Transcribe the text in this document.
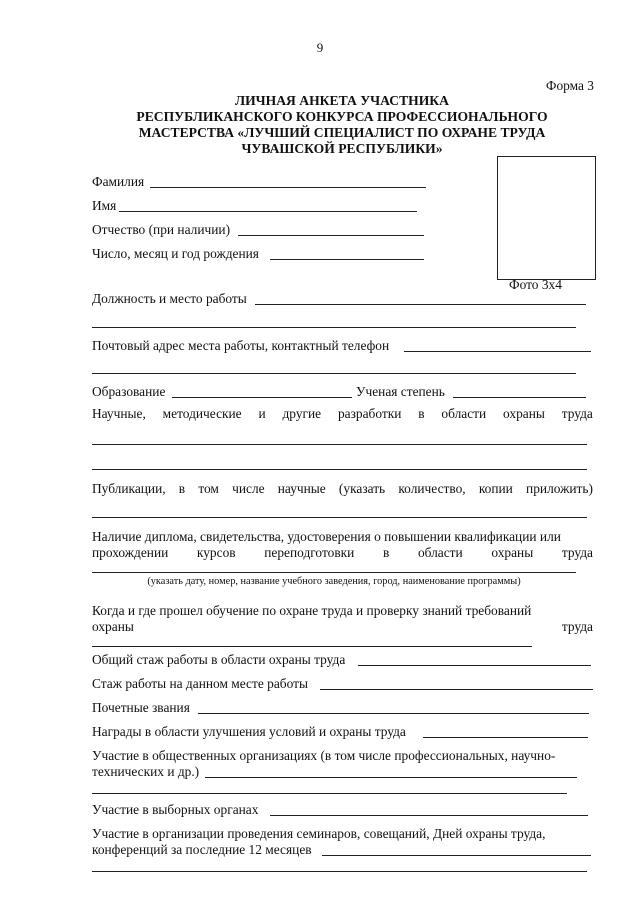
9
Форма 3
ЛИЧНАЯ АНКЕТА УЧАСТНИКА
РЕСПУБЛИКАНСКОГО КОНКУРСА ПРОФЕССИОНАЛЬНОГО
МАСТЕРСТВА «ЛУЧШИЙ СПЕЦИАЛИСТ ПО ОХРАНЕ ТРУДА
ЧУВАШСКОЙ РЕСПУБЛИКИ»
Фото 3х4
Фамилия
Имя
Отчество (при наличии)
Число, месяц и год рождения
Должность и место работы
Почтовый адрес места работы, контактный телефон
Образование	Ученая степень
Научные, методические и другие разработки в области охраны труда
Публикации, в том числе научные (указать количество, копии приложить)
Наличие диплома, свидетельства, удостоверения о повышении квалификации или
прохождении курсов переподготовки в области охраны труда
(указать дату, номер, название учебного заведения, город, наименование программы)
Когда и где прошел обучение по охране труда и проверку знаний требований
охраны	труда
Общий стаж работы в области охраны труда
Стаж работы на данном месте работы
Почетные звания
Награды в области улучшения условий и охраны труда
Участие в общественных организациях (в том числе профессиональных, научно-
технических и др.)
Участие в выборных органах
Участие в организации проведения семинаров, совещаний, Дней охраны труда,
конференций за последние 12 месяцев
